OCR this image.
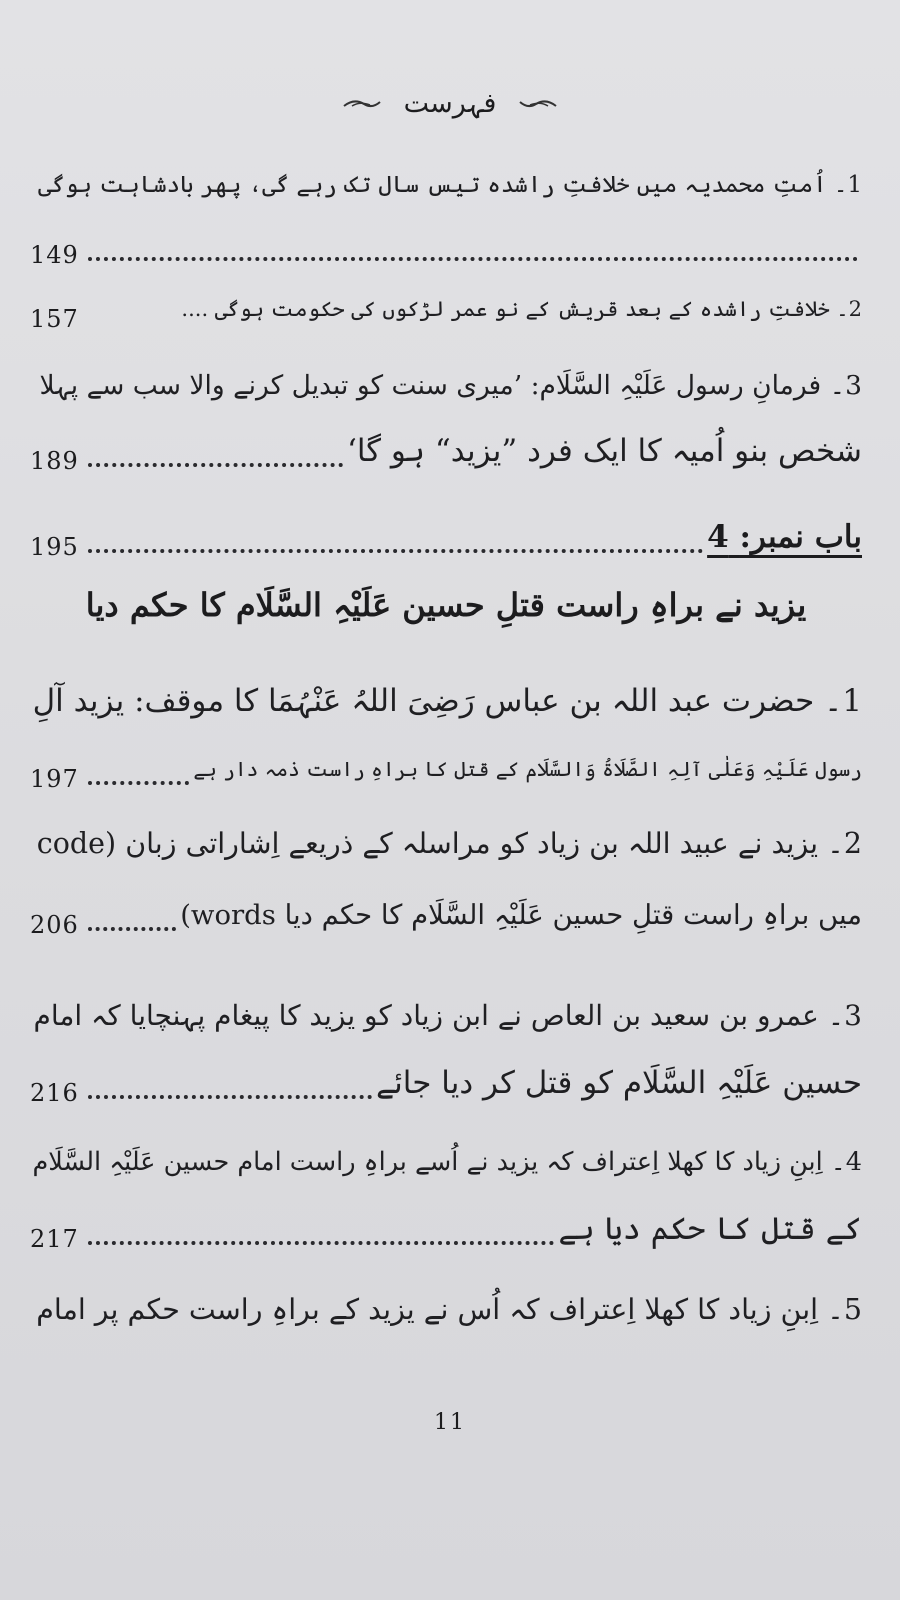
فہرست
1۔ اُمتِ محمدیہ میں خلافتِ راشدہ تیس سال تک رہے گی، پھر بادشاہت ہوگی
149
2۔ خلافتِ راشدہ کے بعد قریش کے نو عمر لڑکوں کی حکومت ہوگی ....
157
3۔ فرمانِ رسول عَلَیْہِ السَّلَام: ’میری سنت کو تبدیل کرنے والا سب سے پہلا
شخص بنو اُمیہ کا ایک فرد ”یزید“ ہو گا‘
189
باب نمبر: 4
195
یزید نے براہِ راست قتلِ حسین عَلَیْہِ السَّلَام کا حکم دیا
1۔ حضرت عبد اللہ بن عباس رَضِیَ اللہُ عَنْہُمَا کا موقف: یزید آلِ
رسول عَلَیْہِ وَعَلٰی آلِہِ الصَّلَاۃُ وَالسَّلَام کے قتل کا براہِ راست ذمہ دار ہے
197
2۔ یزید نے عبید اللہ بن زیاد کو مراسلہ کے ذریعے اِشاراتی زبان (code
(words میں براہِ راست قتلِ حسین عَلَیْہِ السَّلَام کا حکم دیا
206
3۔ عمرو بن سعید بن العاص نے ابن زیاد کو یزید کا پیغام پہنچایا کہ امام
حسین عَلَیْہِ السَّلَام کو قتل کر دیا جائے
216
4۔ اِبنِ زیاد کا کھلا اِعتراف کہ یزید نے اُسے براہِ راست امام حسین عَلَیْہِ السَّلَام
کے قتل کا حکم دیا ہے
217
5۔ اِبنِ زیاد کا کھلا اِعتراف کہ اُس نے یزید کے براہِ راست حکم پر امام
11
